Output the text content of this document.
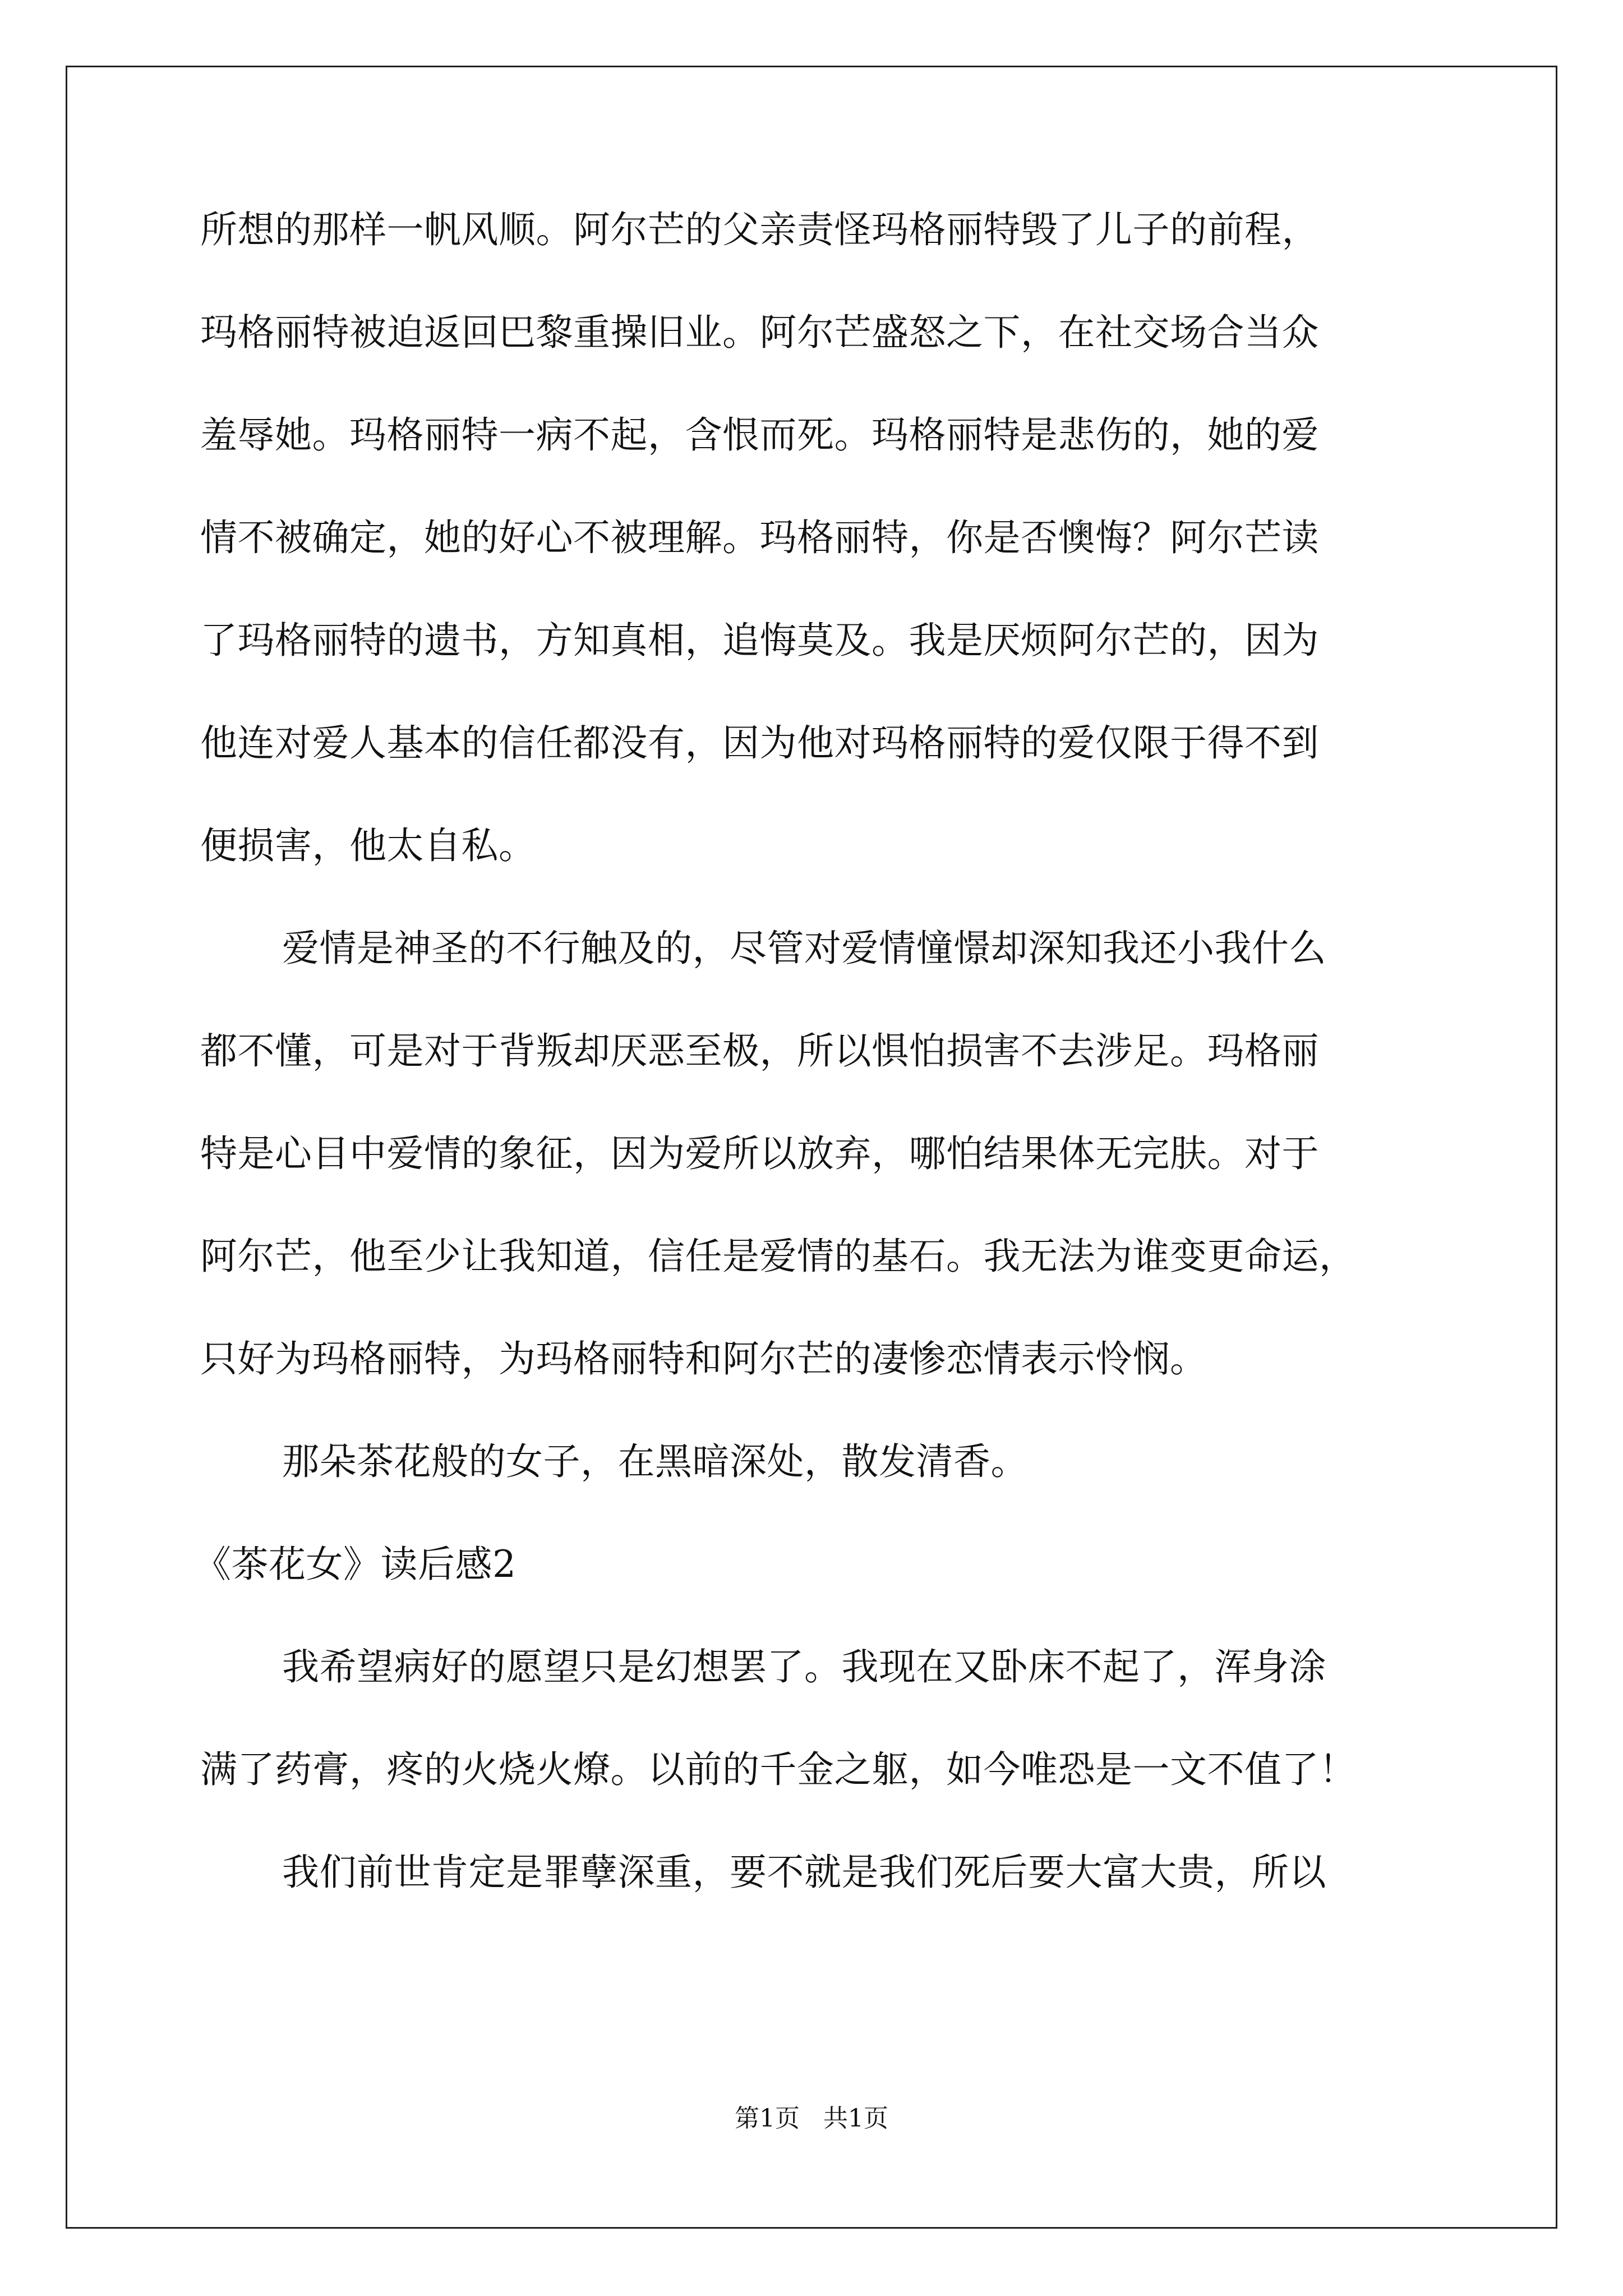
所想的那样一帆风顺。阿尔芒的父亲责怪玛格丽特毁了儿子的前程，
玛格丽特被迫返回巴黎重操旧业。阿尔芒盛怒之下，在社交场合当众
羞辱她。玛格丽特一病不起，含恨而死。玛格丽特是悲伤的，她的爱
情不被确定，她的好心不被理解。玛格丽特，你是否懊悔？阿尔芒读
了玛格丽特的遗书，方知真相，追悔莫及。我是厌烦阿尔芒的，因为
他连对爱人基本的信任都没有，因为他对玛格丽特的爱仅限于得不到
便损害，他太自私。
爱情是神圣的不行触及的，尽管对爱情憧憬却深知我还小我什么
都不懂，可是对于背叛却厌恶至极，所以惧怕损害不去涉足。玛格丽
特是心目中爱情的象征，因为爱所以放弃，哪怕结果体无完肤。对于
阿尔芒，他至少让我知道，信任是爱情的基石。我无法为谁变更命运，
只好为玛格丽特，为玛格丽特和阿尔芒的凄惨恋情表示怜悯。
那朵茶花般的女子，在黑暗深处，散发清香。
《茶花女》读后感2
我希望病好的愿望只是幻想罢了。我现在又卧床不起了，浑身涂
满了药膏，疼的火烧火燎。以前的千金之躯，如今唯恐是一文不值了！
我们前世肯定是罪孽深重，要不就是我们死后要大富大贵，所以
第1页   共1页
